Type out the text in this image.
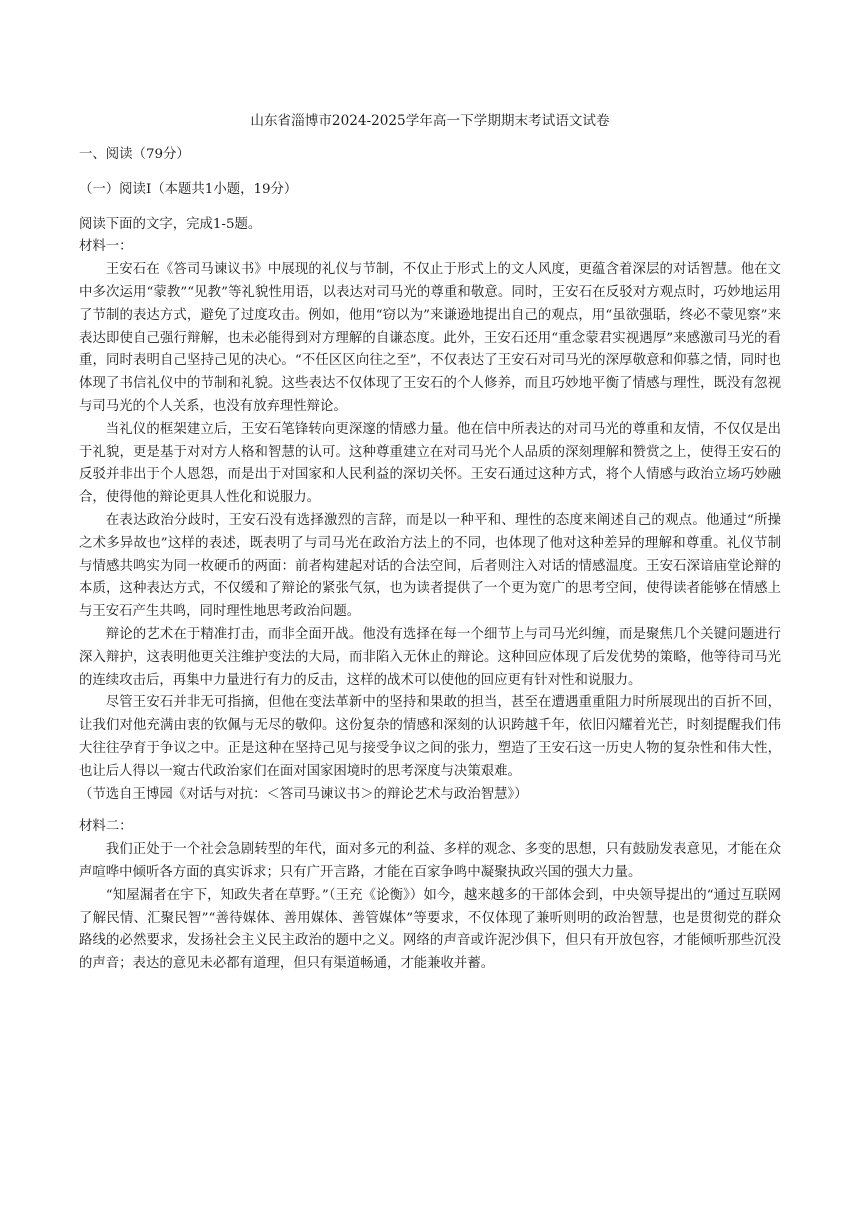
山东省淄博市2024-2025学年高一下学期期末考试语文试卷
一、阅读（79分）
（一）阅读Ⅰ（本题共1小题，19分）
阅读下面的文字，完成1-5题。
材料一：

王安石在《答司马谏议书》中展现的礼仪与节制，不仅止于形式上的文人风度，更蕴含着深层的对话智慧。他在文中多次运用“蒙教”“见教”等礼貌性用语，以表达对司马光的尊重和敬意。同时，王安石在反驳对方观点时，巧妙地运用了节制的表达方式，避免了过度攻击。例如，他用“窃以为”来谦逊地提出自己的观点，用“虽欲强聒，终必不蒙见察”来表达即使自己强行辩解，也未必能得到对方理解的自谦态度。此外，王安石还用“重念蒙君实视遇厚”来感激司马光的看重，同时表明自己坚持己见的决心。“不任区区向往之至”，不仅表达了王安石对司马光的深厚敬意和仰慕之情，同时也体现了书信礼仪中的节制和礼貌。这些表达不仅体现了王安石的个人修养，而且巧妙地平衡了情感与理性，既没有忽视与司马光的个人关系，也没有放弃理性辩论。

当礼仪的框架建立后，王安石笔锋转向更深邃的情感力量。他在信中所表达的对司马光的尊重和友情，不仅仅是出于礼貌，更是基于对对方人格和智慧的认可。这种尊重建立在对司马光个人品质的深刻理解和赞赏之上，使得王安石的反驳并非出于个人恩怨，而是出于对国家和人民利益的深切关怀。王安石通过这种方式，将个人情感与政治立场巧妙融合，使得他的辩论更具人性化和说服力。

在表达政治分歧时，王安石没有选择激烈的言辞，而是以一种平和、理性的态度来阐述自己的观点。他通过“所操之术多异故也”这样的表述，既表明了与司马光在政治方法上的不同，也体现了他对这种差异的理解和尊重。礼仪节制与情感共鸣实为同一枚硬币的两面：前者构建起对话的合法空间，后者则注入对话的情感温度。王安石深谙庙堂论辩的本质，这种表达方式，不仅缓和了辩论的紧张气氛，也为读者提供了一个更为宽广的思考空间，使得读者能够在情感上与王安石产生共鸣，同时理性地思考政治问题。

辩论的艺术在于精准打击，而非全面开战。他没有选择在每一个细节上与司马光纠缠，而是聚焦几个关键问题进行深入辩护，这表明他更关注维护变法的大局，而非陷入无休止的辩论。这种回应体现了后发优势的策略，他等待司马光的连续攻击后，再集中力量进行有力的反击，这样的战术可以使他的回应更有针对性和说服力。

尽管王安石并非无可指摘，但他在变法革新中的坚持和果敢的担当，甚至在遭遇重重阻力时所展现出的百折不回，让我们对他充满由衷的钦佩与无尽的敬仰。这份复杂的情感和深刻的认识跨越千年，依旧闪耀着光芒，时刻提醒我们伟大往往孕育于争议之中。正是这种在坚持己见与接受争议之间的张力，塑造了王安石这一历史人物的复杂性和伟大性，也让后人得以一窥古代政治家们在面对国家困境时的思考深度与决策艰难。

（节选自王博园《对话与对抗：＜答司马谏议书＞的辩论艺术与政治智慧》）
材料二：

我们正处于一个社会急剧转型的年代，面对多元的利益、多样的观念、多变的思想，只有鼓励发表意见，才能在众声喧哗中倾听各方面的真实诉求；只有广开言路，才能在百家争鸣中凝聚执政兴国的强大力量。

“知屋漏者在宇下，知政失者在草野。”（王充《论衡》）如今，越来越多的干部体会到，中央领导提出的“通过互联网了解民情、汇聚民智”“善待媒体、善用媒体、善管媒体”等要求，不仅体现了兼听则明的政治智慧，也是贯彻党的群众路线的必然要求，发扬社会主义民主政治的题中之义。网络的声音或许泥沙俱下，但只有开放包容，才能倾听那些沉没的声音；表达的意见未必都有道理，但只有渠道畅通，才能兼收并蓄。
